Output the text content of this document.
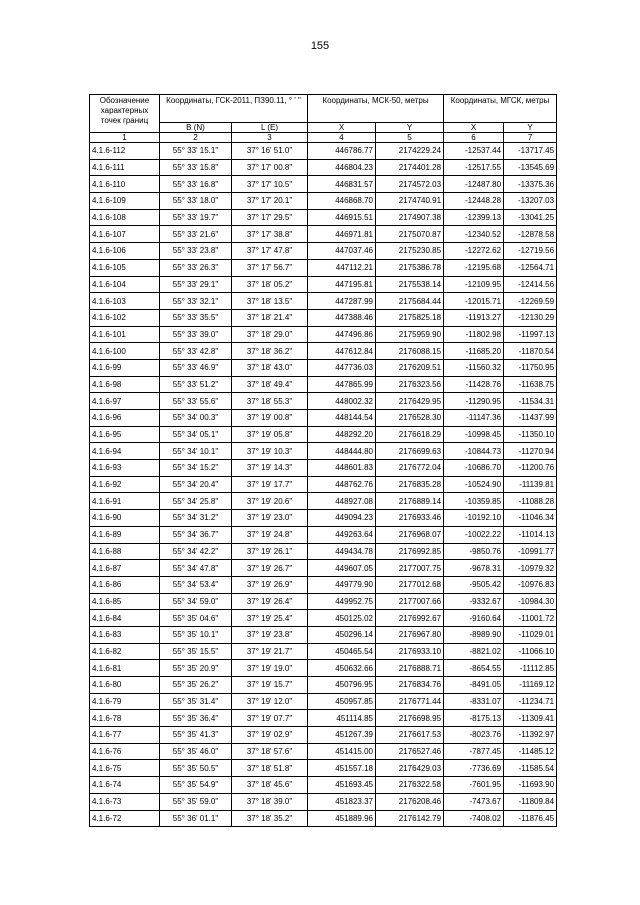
155
Обозначение характерных точек границ	Координаты, ГСК-2011, ПЗ90.11, ° ' "		Координаты, МСК-50, метры		Координаты, МГСК, метры	
	B (N)	L (E)	X	Y	X	Y
1	2	3	4	5	6	7
4.1.6-112	55° 33' 15.1"	37° 16' 51.0"	446786.77	2174229.24	-12537.44	-13717.45
4.1.6-111	55° 33' 15.8"	37° 17' 00.8"	446804.23	2174401.28	-12517.55	-13545.69
4.1.6-110	55° 33' 16.8"	37° 17' 10.5"	446831.57	2174572.03	-12487.80	-13375.36
4.1.6-109	55° 33' 18.0"	37° 17' 20.1"	446868.70	2174740.91	-12448.28	-13207.03
4.1.6-108	55° 33' 19.7"	37° 17' 29.5"	446915.51	2174907.38	-12399.13	-13041.25
4.1.6-107	55° 33' 21.6"	37° 17' 38.8"	446971.81	2175070.87	-12340.52	-12878.58
4.1.6-106	55° 33' 23.8"	37° 17' 47.8"	447037.46	2175230.85	-12272.62	-12719.56
4.1.6-105	55° 33' 26.3"	37° 17' 56.7"	447112.21	2175386.78	-12195.68	-12564.71
4.1.6-104	55° 33' 29.1"	37° 18' 05.2"	447195.81	2175538.14	-12109.95	-12414.56
4.1.6-103	55° 33' 32.1"	37° 18' 13.5"	447287.99	2175684.44	-12015.71	-12269.59
4.1.6-102	55° 33' 35.5"	37° 18' 21.4"	447388.46	2175825.18	-11913.27	-12130.29
4.1.6-101	55° 33' 39.0"	37° 18' 29.0"	447496.86	2175959.90	-11802.98	-11997.13
4.1.6-100	55° 33' 42.8"	37° 18' 36.2"	447612.84	2176088.15	-11685.20	-11870.54
4.1.6-99	55° 33' 46.9"	37° 18' 43.0"	447736.03	2176209.51	-11560.32	-11750.95
4.1.6-98	55° 33' 51.2"	37° 18' 49.4"	447865.99	2176323.56	-11428.76	-11638.75
4.1.6-97	55° 33' 55.6"	37° 18' 55.3"	448002.32	2176429.95	-11290.95	-11534.31
4.1.6-96	55° 34' 00.3"	37° 19' 00.8"	448144.54	2176528.30	-11147.36	-11437.99
4.1.6-95	55° 34' 05.1"	37° 19' 05.8"	448292.20	2176618.29	-10998.45	-11350.10
4.1.6-94	55° 34' 10.1"	37° 19' 10.3"	448444.80	2176699.63	-10844.73	-11270.94
4.1.6-93	55° 34' 15.2"	37° 19' 14.3"	448601.83	2176772.04	-10686.70	-11200.76
4.1.6-92	55° 34' 20.4"	37° 19' 17.7"	448762.76	2176835.28	-10524.90	-11139.81
4.1.6-91	55° 34' 25.8"	37° 19' 20.6"	448927.08	2176889.14	-10359.85	-11088.28
4.1.6-90	55° 34' 31.2"	37° 19' 23.0"	449094.23	2176933.46	-10192.10	-11046.34
4.1.6-89	55° 34' 36.7"	37° 19' 24.8"	449263.64	2176968.07	-10022.22	-11014.13
4.1.6-88	55° 34' 42.2"	37° 19' 26.1"	449434.78	2176992.85	-9850.76	-10991.77
4.1.6-87	55° 34' 47.8"	37° 19' 26.7"	449607.05	2177007.75	-9678.31	-10979.32
4.1.6-86	55° 34' 53.4"	37° 19' 26.9"	449779.90	2177012.68	-9505.42	-10976.83
4.1.6-85	55° 34' 59.0"	37° 19' 26.4"	449952.75	2177007.66	-9332.67	-10984.30
4.1.6-84	55° 35' 04.6"	37° 19' 25.4"	450125.02	2176992.67	-9160.64	-11001.72
4.1.6-83	55° 35' 10.1"	37° 19' 23.8"	450296.14	2176967.80	-8989.90	-11029.01
4.1.6-82	55° 35' 15.5"	37° 19' 21.7"	450465.54	2176933.10	-8821.02	-11066.10
4.1.6-81	55° 35' 20.9"	37° 19' 19.0"	450632.66	2176888.71	-8654.55	-11112.85
4.1.6-80	55° 35' 26.2"	37° 19' 15.7"	450796.95	2176834.76	-8491.05	-11169.12
4.1.6-79	55° 35' 31.4"	37° 19' 12.0"	450957.85	2176771.44	-8331.07	-11234.71
4.1.6-78	55° 35' 36.4"	37° 19' 07.7"	451114.85	2176698.95	-8175.13	-11309.41
4.1.6-77	55° 35' 41.3"	37° 19' 02.9"	451267.39	2176617.53	-8023.76	-11392.97
4.1.6-76	55° 35' 46.0"	37° 18' 57.6"	451415.00	2176527.46	-7877.45	-11485.12
4.1.6-75	55° 35' 50.5"	37° 18' 51.8"	451557.18	2176429.03	-7736.69	-11585.54
4.1.6-74	55° 35' 54.9"	37° 18' 45.6"	451693.45	2176322.58	-7601.95	-11693.90
4.1.6-73	55° 35' 59.0"	37° 18' 39.0"	451823.37	2176208.46	-7473.67	-11809.84
4.1.6-72	55° 36' 01.1"	37° 18' 35.2"	451889.96	2176142.79	-7408.02	-11876.45
